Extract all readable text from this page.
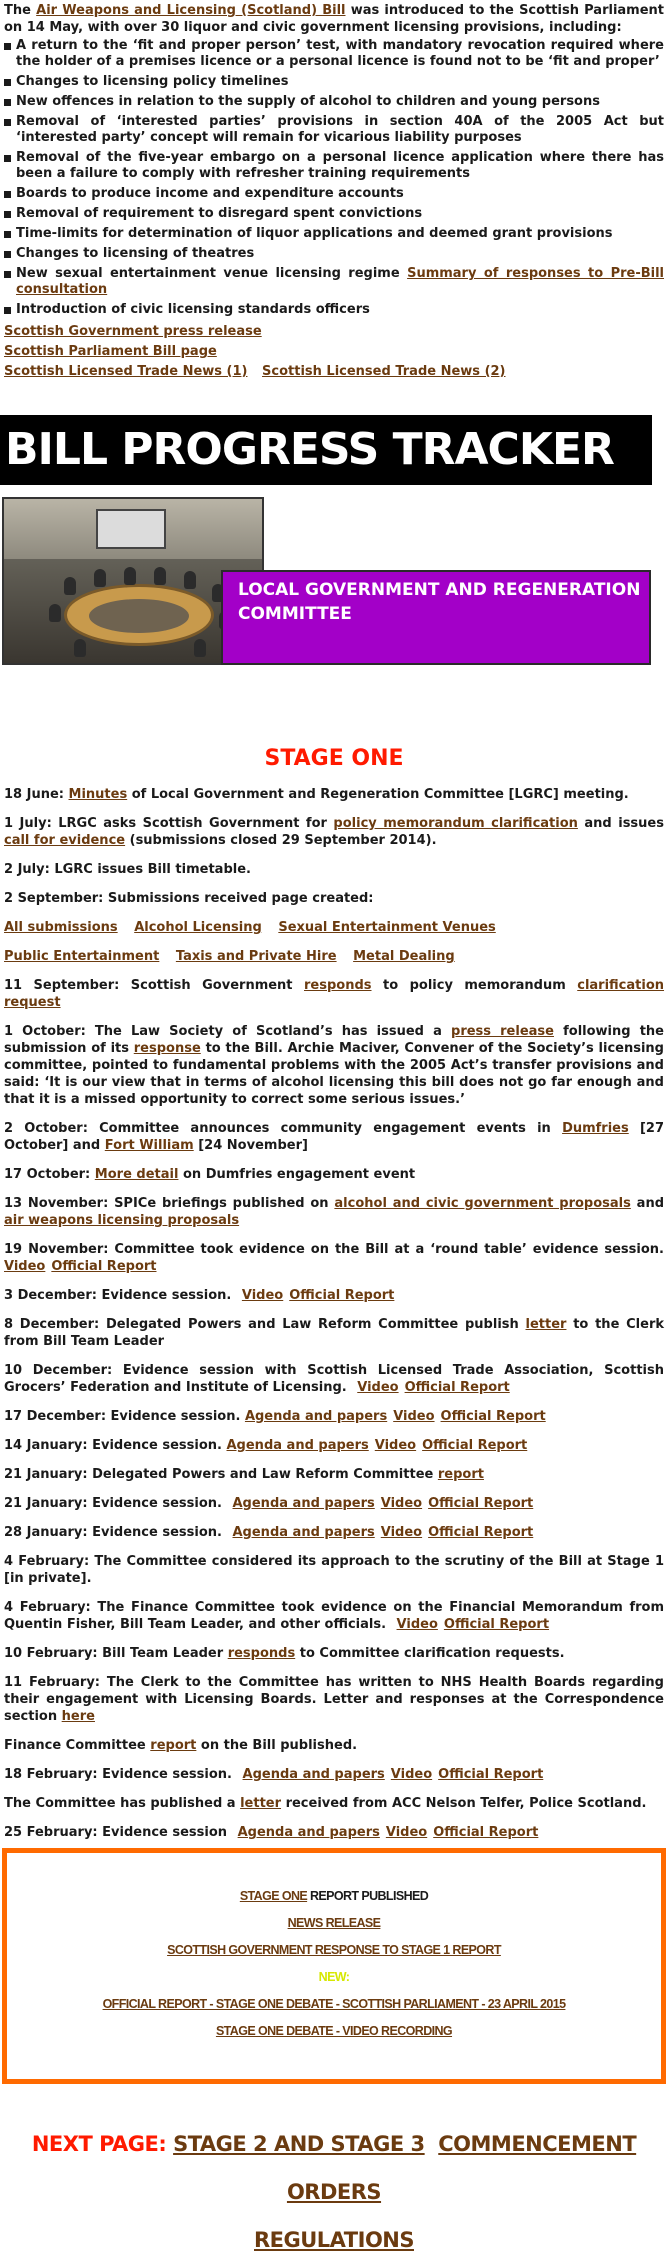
The Air Weapons and Licensing (Scotland) Bill was introduced to the Scottish Parliament on 14 May, with over 30 liquor and civic government licensing provisions, including:

A return to the ‘fit and proper person’ test, with mandatory revocation required where the holder of a premises licence or a personal licence is found not to be ‘fit and proper’
Changes to licensing policy timelines
New offences in relation to the supply of alcohol to children and young persons
Removal of ‘interested parties’ provisions in section 40A of the 2005 Act but ‘interested party’ concept will remain for vicarious liability purposes
Removal of the five-year embargo on a personal licence application where there has been a failure to comply with refresher training requirements
Boards to produce income and expenditure accounts
Removal of requirement to disregard spent convictions
Time-limits for determination of liquor applications and deemed grant provisions
Changes to licensing of theatres
New sexual entertainment venue licensing regime Summary of responses to Pre-Bill consultation
Introduction of civic licensing standards officers
Scottish Government press release
Scottish Parliament Bill page
Scottish Licensed Trade News (1) Scottish Licensed Trade News (2)
BILL PROGRESS TRACKER
LOCAL GOVERNMENT AND REGENERATION COMMITTEE
STAGE ONE

18 June: Minutes of Local Government and Regeneration Committee [LGRC] meeting.

1 July: LRGC asks Scottish Government for policy memorandum clarification and issues call for evidence (submissions closed 29 September 2014).

2 July: LGRC issues Bill timetable.

2 September: Submissions received page created:

All submissions Alcohol Licensing Sexual Entertainment Venues
Public Entertainment Taxis and Private Hire Metal Dealing

11 September: Scottish Government responds to policy memorandum clarification request

1 October: The Law Society of Scotland’s has issued a press release following the submission of its response to the Bill. Archie Maciver, Convener of the Society’s licensing committee, pointed to fundamental problems with the 2005 Act’s transfer provisions and said: ‘It is our view that in terms of alcohol licensing this bill does not go far enough and that it is a missed opportunity to correct some serious issues.’

2 October: Committee announces community engagement events in Dumfries [27 October] and Fort William [24 November]

17 October: More detail on Dumfries engagement event

13 November: SPICe briefings published on alcohol and civic government proposals and air weapons licensing proposals

19 November: Committee took evidence on the Bill at a ‘round table’ evidence session. Video Official Report

3 December: Evidence session. Video Official Report

8 December: Delegated Powers and Law Reform Committee publish letter to the Clerk from Bill Team Leader

10 December: Evidence session with Scottish Licensed Trade Association, Scottish Grocers’ Federation and Institute of Licensing. Video Official Report

17 December: Evidence session. Agenda and papers Video Official Report

14 January: Evidence session. Agenda and papers Video Official Report

21 January: Delegated Powers and Law Reform Committee report

21 January: Evidence session. Agenda and papers Video Official Report

28 January: Evidence session. Agenda and papers Video Official Report

4 February: The Committee considered its approach to the scrutiny of the Bill at Stage 1 [in private].

4 February: The Finance Committee took evidence on the Financial Memorandum from Quentin Fisher, Bill Team Leader, and other officials. Video Official Report

10 February: Bill Team Leader responds to Committee clarification requests.

11 February: The Clerk to the Committee has written to NHS Health Boards regarding their engagement with Licensing Boards. Letter and responses at the Correspondence section here

Finance Committee report on the Bill published.

18 February: Evidence session. Agenda and papers Video Official Report

The Committee has published a letter received from ACC Nelson Telfer, Police Scotland.

25 February: Evidence session Agenda and papers Video Official Report

STAGE ONE REPORT PUBLISHED
NEWS RELEASE
SCOTTISH GOVERNMENT RESPONSE TO STAGE 1 REPORT
NEW:
OFFICIAL REPORT - STAGE ONE DEBATE - SCOTTISH PARLIAMENT - 23 APRIL 2015
STAGE ONE DEBATE - VIDEO RECORDING
NEXT PAGE: STAGE 2 AND STAGE 3 COMMENCEMENT ORDERS
REGULATIONS
